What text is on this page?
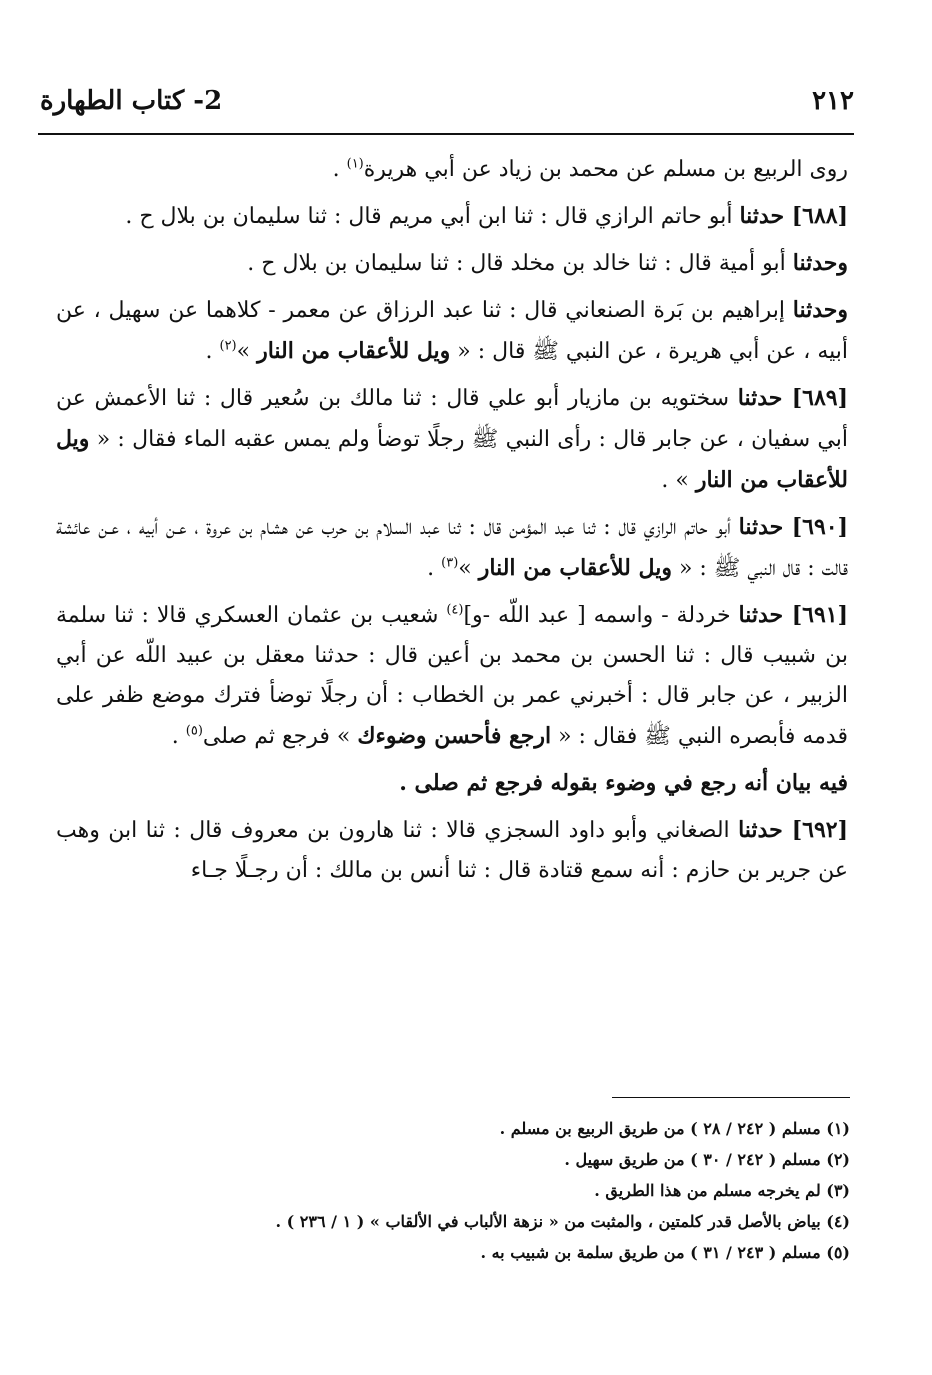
٢١٢
2- كتاب الطهارة

روى الربيع بن مسلم عن محمد بن زياد عن أبي هريرة$^{(١)}$ .

[٦٨٨] حدثنا أبو حاتم الرازي قال : ثنا ابن أبي مريم قال : ثنا سليمان بن بلال ح .

وحدثنا أبو أمية قال : ثنا خالد بن مخلد قال : ثنا سليمان بن بلال ح .

وحدثنا إبراهيم بن بَرة الصنعاني قال : ثنا عبد الرزاق عن معمر - كلاهما عن سهيل ، عن أبيه ، عن أبي هريرة ، عن النبي ﷺ قال : « ويل للأعقاب من النار »$^{(٢)}$ .

[٦٨٩] حدثنا سختويه بن مازيار أبو علي قال : ثنا مالك بن سُعير قال : ثنا الأعمش عن أبي سفيان ، عن جابر قال : رأى النبي ﷺ رجلًا توضأ ولم يمس عقبه الماء فقال : « ويل للأعقاب من النار » .

[٦٩٠] حدثنا أبو حاتم الرازي قال : ثنا عبد المؤمن قال : ثنا عبد السلام بن حرب عن هشام بن عروة ، عـن أبيه ، عـن عائشة قالت : قال النبي ﷺ : « ويل للأعقاب من النار »$^{(٣)}$ .

[٦٩١] حدثنا خردلة - واسمه [ عبد اللّه -و]$^{(٤)}$ شعيب بن عثمان العسكري قالا : ثنا سلمة بن شبيب قال : ثنا الحسن بن محمد بن أعين قال : حدثنا معقل بن عبيد اللّه عن أبي الزبير ، عن جابر قال : أخبرني عمر بن الخطاب : أن رجلًا توضأ فترك موضع ظفر على قدمه فأبصره النبي ﷺ فقال : « ارجع فأحسن وضوءك » فرجع ثم صلى$^{(٥)}$ .

فيه بيان أنه رجع في وضوء بقوله فرجع ثم صلى .

[٦٩٢] حدثنا الصغاني وأبو داود السجزي قالا : ثنا هارون بن معروف قال : ثنا ابن وهب عن جرير بن حازم : أنه سمع قتادة قال : ثنا أنس بن مالك : أن رجـلًا جـاء

(١) مسلم ( ٢٤٢ / ٢٨ ) من طريق الربيع بن مسلم .

(٢) مسلم ( ٢٤٢ / ٣٠ ) من طريق سهيل .

(٣) لم يخرجه مسلم من هذا الطريق .

(٤) بياض بالأصل قدر كلمتين ، والمثبت من « نزهة الألباب في الألقاب » ( ١ / ٢٣٦ ) .

(٥) مسلم ( ٢٤٣ / ٣١ ) من طريق سلمة بن شبيب به .
